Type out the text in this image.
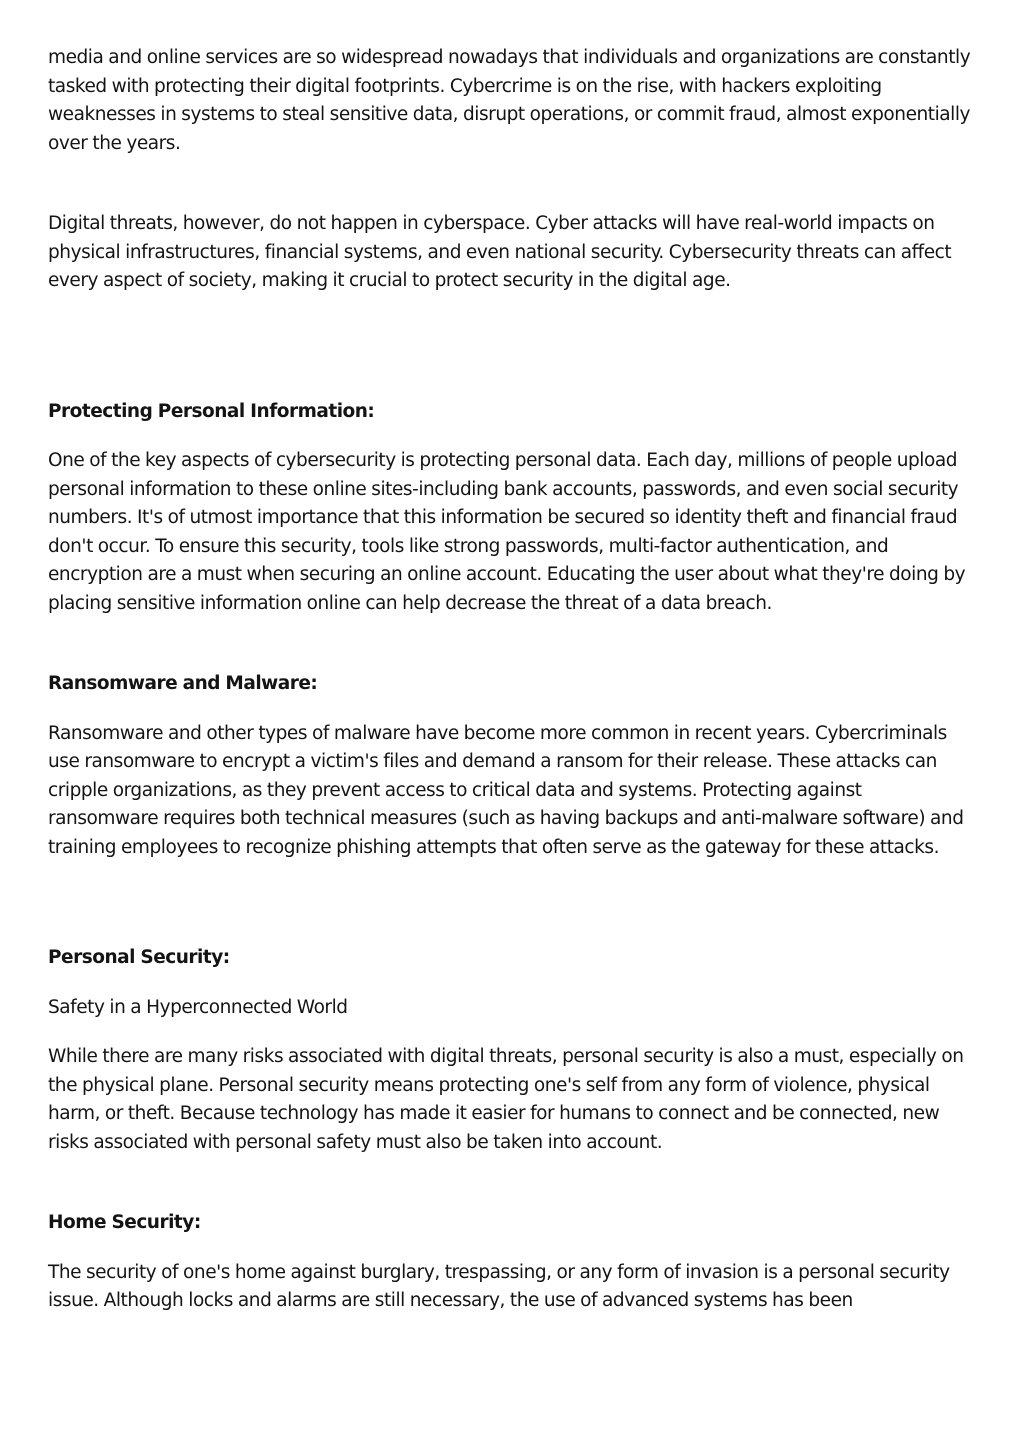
media and online services are so widespread nowadays that individuals and organizations are constantly tasked with protecting their digital footprints. Cybercrime is on the rise, with hackers exploiting weaknesses in systems to steal sensitive data, disrupt operations, or commit fraud, almost exponentially over the years.

Digital threats, however, do not happen in cyberspace. Cyber attacks will have real-world impacts on physical infrastructures, financial systems, and even national security. Cybersecurity threats can affect every aspect of society, making it crucial to protect security in the digital age.

Protecting Personal Information:

One of the key aspects of cybersecurity is protecting personal data. Each day, millions of people upload personal information to these online sites-including bank accounts, passwords, and even social security numbers. It's of utmost importance that this information be secured so identity theft and financial fraud don't occur. To ensure this security, tools like strong passwords, multi-factor authentication, and encryption are a must when securing an online account. Educating the user about what they're doing by placing sensitive information online can help decrease the threat of a data breach.

Ransomware and Malware:

Ransomware and other types of malware have become more common in recent years. Cybercriminals use ransomware to encrypt a victim's files and demand a ransom for their release. These attacks can cripple organizations, as they prevent access to critical data and systems. Protecting against ransomware requires both technical measures (such as having backups and anti-malware software) and training employees to recognize phishing attempts that often serve as the gateway for these attacks.

Personal Security:

Safety in a Hyperconnected World

While there are many risks associated with digital threats, personal security is also a must, especially on the physical plane. Personal security means protecting one's self from any form of violence, physical harm, or theft. Because technology has made it easier for humans to connect and be connected, new risks associated with personal safety must also be taken into account.

Home Security:

The security of one's home against burglary, trespassing, or any form of invasion is a personal security issue. Although locks and alarms are still necessary, the use of advanced systems has been
